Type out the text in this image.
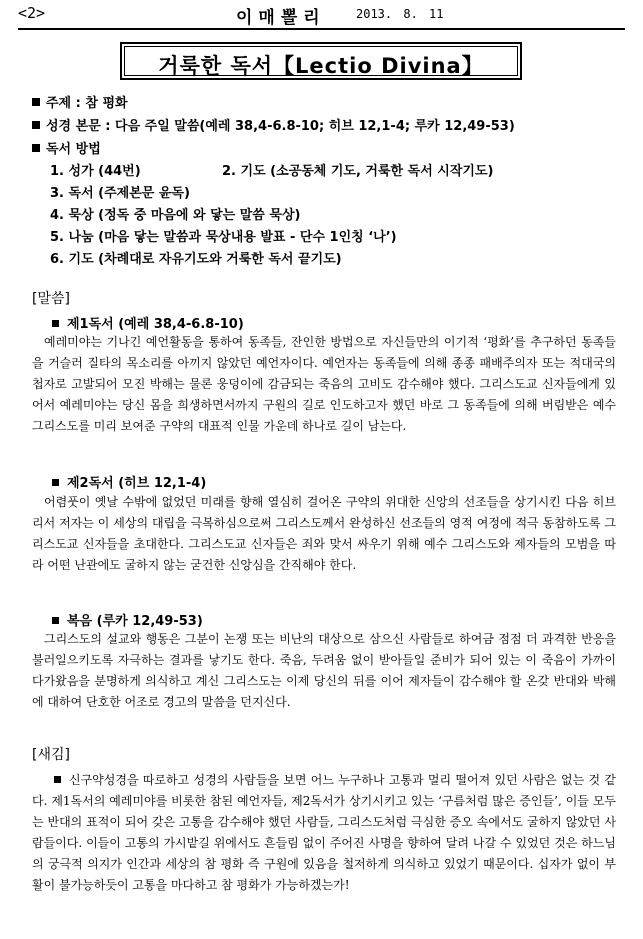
<2>	이매뽈리	2013. 8. 11
거룩한 독서【Lectio Divina】
주제 : 참 평화
성경 본문 : 다음 주일 말씀(예레 38,4-6.8-10; 히브 12,1-4; 루카 12,49-53)
독서 방법
1. 성가 (44번)	2. 기도 (소공동체 기도, 거룩한 독서 시작기도)
3. 독서 (주제본문 윤독)
4. 묵상 (정독 중 마음에 와 닿는 말씀 묵상)
5. 나눔 (마음 닿는 말씀과 묵상내용 발표 - 단수 1인칭 ‘나’)
6. 기도 (차례대로 자유기도와 거룩한 독서 끝기도)
[말씀]
제1독서 (예레 38,4-6.8-10)
예레미야는 기나긴 예언활동을 통하여 동족들, 잔인한 방법으로 자신들만의 이기적 ‘평화’를 추구하던 동족들을 거슬러 질타의 목소리를 아끼지 않았던 예언자이다. 예언자는 동족들에 의해 종종 패배주의자 또는 적대국의 첩자로 고발되어 모진 박해는 물론 웅덩이에 감금되는 죽음의 고비도 감수해야 했다. 그리스도교 신자들에게 있어서 예레미야는 당신 몸을 희생하면서까지 구원의 길로 인도하고자 했던 바로 그 동족들에 의해 버림받은 예수 그리스도를 미리 보여준 구약의 대표적 인물 가운데 하나로 길이 남는다.
제2독서 (히브 12,1-4)
어렴풋이 옛날 수밖에 없었던 미래를 향해 열심히 걸어온 구약의 위대한 신앙의 선조들을 상기시킨 다음 히브리서 저자는 이 세상의 대립을 극복하심으로써 그리스도께서 완성하신 선조들의 영적 여정에 적극 동참하도록 그리스도교 신자들을 초대한다. 그리스도교 신자들은 죄와 맞서 싸우기 위해 예수 그리스도와 제자들의 모범을 따라 어떤 난관에도 굴하지 않는 굳건한 신앙심을 간직해야 한다.
복음 (루카 12,49-53)
그리스도의 설교와 행동은 그분이 논쟁 또는 비난의 대상으로 삼으신 사람들로 하여금 점점 더 과격한 반응을 불러일으키도록 자극하는 결과를 낳기도 한다. 죽음, 두려움 없이 받아들일 준비가 되어 있는 이 죽음이 가까이 다가왔음을 분명하게 의식하고 계신 그리스도는 이제 당신의 뒤를 이어 제자들이 감수해야 할 온갖 반대와 박해에 대하여 단호한 어조로 경고의 말씀을 던지신다.
[새김]
신구약성경을 따로하고 성경의 사람들을 보면 어느 누구하나 고통과 멀리 떨어져 있던 사람은 없는 것 같다. 제1독서의 예레미야를 비롯한 참된 예언자들, 제2독서가 상기시키고 있는 ‘구름처럼 많은 증인들’, 이들 모두는 반대의 표적이 되어 갖은 고통을 감수해야 했던 사람들, 그리스도처럼 극심한 증오 속에서도 굴하지 않았던 사람들이다. 이들이 고통의 가시밭길 위에서도 흔들림 없이 주어진 사명을 향하여 달려 나갈 수 있었던 것은 하느님의 궁극적 의지가 인간과 세상의 참 평화 즉 구원에 있음을 철저하게 의식하고 있었기 때문이다. 십자가 없이 부활이 불가능하듯이 고통을 마다하고 참 평화가 가능하겠는가!
